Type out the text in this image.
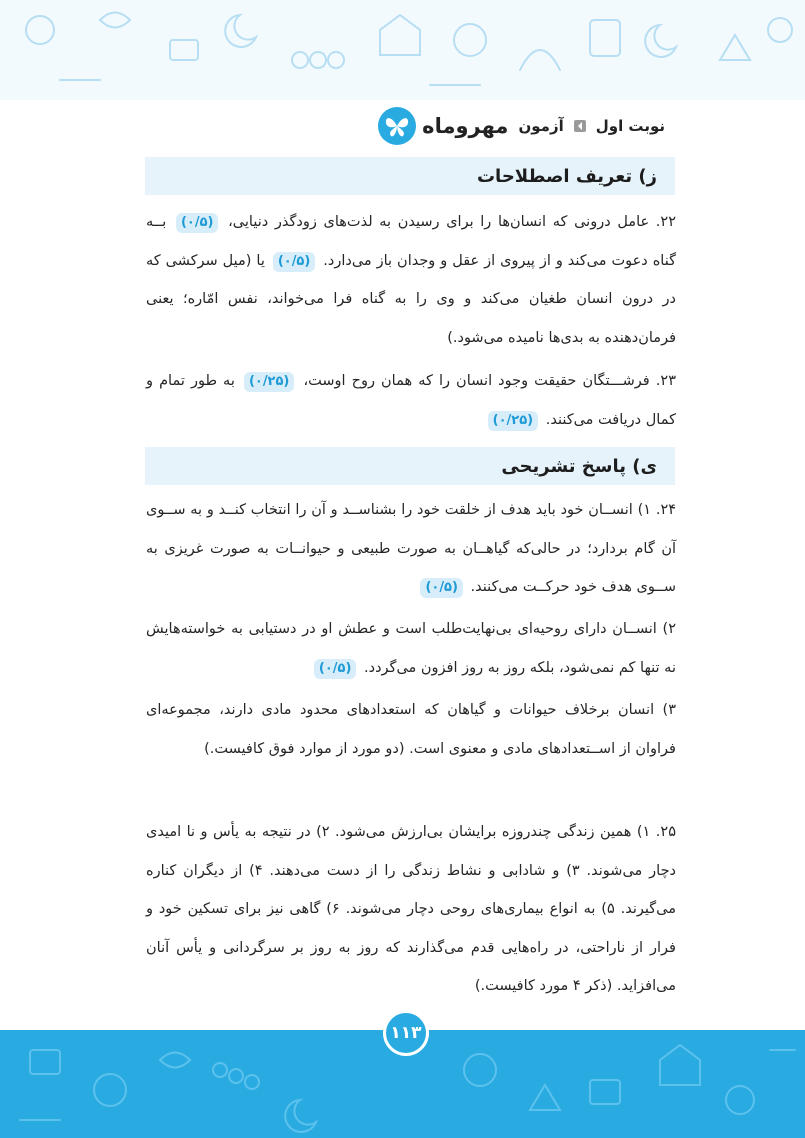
مهروماه آزمون نوبت اول
ز) تعریف اصطلاحات
۲۲. عامل درونی که انسان‌ها را برای رسیدن به لذت‌های زودگذر دنیایی، (۰/۵) بــه گناه دعوت می‌کند و از پیروی از عقل و وجدان باز می‌دارد. (۰/۵) یا (میل سرکشی که در درون انسان طغیان می‌کند و وی را به گناه فرا می‌خواند، نفس امّاره؛ یعنی فرمان‌دهنده به بدی‌ها نامیده می‌شود.)
۲۳. فرشـــتگان حقیقت وجود انسان را که همان روح اوست، (۰/۲۵) به طور تمام و کمال دریافت می‌کنند. (۰/۲۵)
ی) پاسخ تشریحی
۲۴. ۱) انســان خود باید هدف از خلقت خود را بشناســد و آن را انتخاب کنــد و به ســوی آن گام بردارد؛ در حالی‌که گیاهــان به صورت طبیعی و حیوانــات به صورت غریزی به ســوی هدف خود حرکــت می‌کنند. (۰/۵)
۲) انســان دارای روحیه‌ای بی‌نهایت‌طلب است و عطش او در دستیابی به خواسته‌هایش نه تنها کم نمی‌شود، بلکه روز به روز افزون می‌گردد. (۰/۵)
۳) انسان برخلاف حیوانات و گیاهان که استعدادهای محدود مادی دارند، مجموعه‌ای فراوان از اســتعدادهای مادی و معنوی است. (دو مورد از موارد فوق کافیست.)
۲۵. ۱) همین زندگی چندروزه برایشان بی‌ارزش می‌شود. ۲) در نتیجه به یأس و نا امیدی دچار می‌شوند. ۳) و شادابی و نشاط زندگی را از دست می‌دهند. ۴) از دیگران کناره می‌گیرند. ۵) به انواع بیماری‌های روحی دچار می‌شوند. ۶) گاهی نیز برای تسکین خود و فرار از ناراحتی، در راه‌هایی قدم می‌گذارند که روز به روز بر سرگردانی و یأس آنان می‌افزاید. (ذکر ۴ مورد کافیست.)
۱۱۳
